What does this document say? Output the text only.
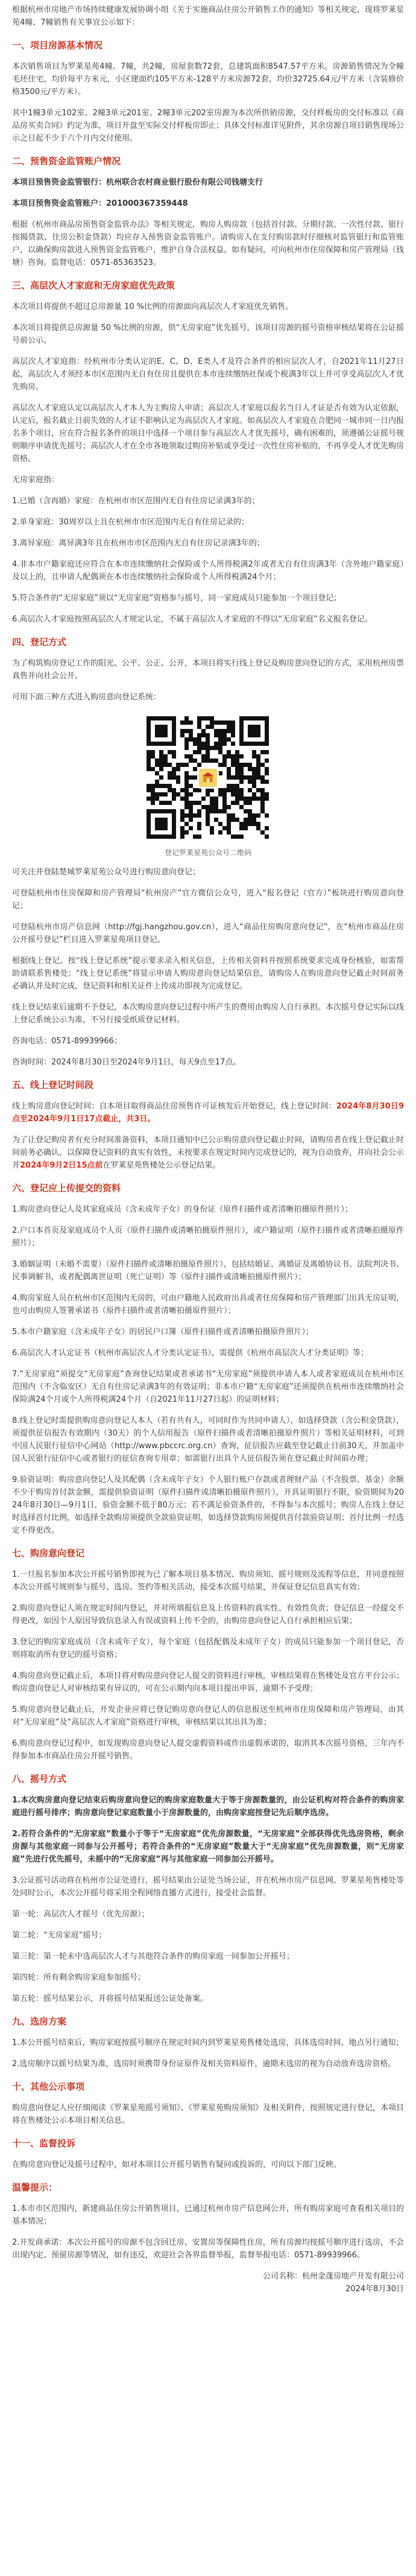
根据杭州市房地产市场持续健康发展协调小组《关于实施商品住房公开销售工作的通知》等相关规定，现将罗莱星苑4幢、7幢销售有关事宜公示如下：

一、项目房源基本情况

本次销售项目为罗莱星苑4幢、7幢，共2幢，房屋套数72套，总建筑面积8547.57平方米。房源销售情况为全幢毛坯住宅，均价每平方米元，小区建面约105平方米-128平方米房源72套，均价32725.64元/平方米（含装修价格3500元/平方米）。

其中1幢3单元102室、2幢3单元201室、2幢3单元202室房源为本次所供销房源，交付样板房的交付标准以《商品房买卖合同》约定为准，项目开盘至实际交付样板房即止；具体交付标准详见附件，其余房源自项目销售现场公示之日起不少于六个月内交付使用。

二、预售资金监管账户情况

本项目预售资金监管银行：杭州联合农村商业银行股份有限公司钱塘支行

本项目预售资金监管账户：201000367359448

根据《杭州市商品房预售资金监管办法》等相关规定，购房人购房款（包括首付款、分期付款、一次性付款、银行按揭贷款、住房公积金贷款）均应存入预售资金监管账户。请购房人在支付购房款时仔细核对监管银行和监管账户，以确保购房款进入预售资金监管账户，维护自身合法权益。如有疑问，可向杭州市住房保障和房产管理局（钱塘）咨询。监督电话：0571-85363523。

三、高层次人才家庭和无房家庭优先政策

本次项目将提供不超过总房源量 10 %比例的房源面向高层次人才家庭优先销售。

本次项目将提供总房源量 50 %比例的房源，供“无房家庭”优先摇号，该项目房源的摇号资格审核结果将在公证摇号前公示。

高层次人才家庭指：经杭州市分类认定的E、C、D、E类人才及符合条件的相应层次人才，自2021年11月27日起，高层次人才须经本市区范围内无自有住房且提供在本市连续缴纳社保或个税满3年以上并可享受高层次人才优先购房。

高层次人才家庭认定以高层次人才本人为主购房人申请；高层次人才家庭以报名当日人才证是否有效为认定依据，认定后，报名截止日前失效的人才证不影响认定为高层次人才家庭。如高层次人才家庭在合肥同一城市同一日内报名多个项目，应在符合报名条件的项目中选择一个项目参与高层次人才优先摇号，确有困难的，须遵循公证摇号规则顺序申请优先摇号；高层次人才在全市各地领取过购房补贴或享受过一次性住房补贴的，不再享受人才优先购房资格。

无房家庭指：

1.已婚（含再婚）家庭：在杭州市市区范围内无自有住房记录满3年的；

2.单身家庭：30周岁以上且在杭州市市区范围内无自有住房记录的；

3.离异家庭：离异满3年且在杭州市市区范围内无自有住房记录满3年的；

4.非本市户籍家庭还应符合在本市连续缴纳社会保险或个人所得税满2年或者无自有住房满3年（含外地户籍家庭）及以上的，且申请人配偶须在本市连续缴纳社会保险或个人所得税满24个月；

5.符合条件的“无房家庭”须以“无房家庭”资格参与摇号，同一家庭成员只能参加一个项目登记；

6.高层次人才家庭按照高层次人才规定认定，不属于高层次人才家庭的不得以“无房家庭”名义报名登记。

四、登记方式

为了构筑购房登记工作的阳光、公平、公正、公开，本项目将实行线上登记及购房意向登记的方式，采用杭州房票真售并向社会公开。

可用下面三种方式进入购房意向登记系统：

登记罗莱星苑公众号二维码

可关注并登陆楚城罗莱星苑公众号进行购房意向登记；

可登陆杭州市住房保障和房产管理局“杭州房产”官方微信公众号，进入“报名登记（官方）”板块进行购房意向登记；

可登陆杭州市房产信息网（http://fgj.hangzhou.gov.cn），进入“商品住房购房意向登记”，在“杭州市商品住房公开摇号登记”栏目进入罗莱星苑项目登记。

根据线上登记、按“线上登记系统”提示要求录入相关信息，上传相关资料并按照系统要求完成身份核验，如需帮助请联系售楼处；“线上登记系统”将显示申请人购房意向登记结果信息，请购房人在购房意向登记截止时间前务必确认并及时完成，登记资料和相关证件上传成功即视为完成登记。

线上登记结束后逾期不予登记，本次购房意向登记过程中所产生的费用由购房人自行承担。本次摇号登记实际以线上登记系统公示为准，不另行接受纸质登记材料。

咨询电话：0571-89939966；

咨询时间：2024年8月30日至2024年9月1日，每天9点至17点。

五、线上登记时间段

线上购房意向登记时间：自本项目取得商品住房预售许可证核发后开始登记，线上登记时间：2024年8月30日9点至2024年9月1日17点截止，共3日。

为了让登记购房者有充分时间准备资料，本项目通知中已公示购房意向登记截止时间，请购房者在线上登记截止时间前务必确认，以保障登记资料的真实有效性，未按要求在规定时间内完成登记的，视为自动放弃，并向社会公示并2024年9月2日15点前在罗莱星苑售楼处公示登记结果。

六、登记应上传提交的资料

1.购房意向登记人及其家庭成员（含未成年子女）的身份证（原件扫描件或者清晰拍摄原件照片）；

2.户口本首页及家庭成员个人页（原件扫描件或清晰拍摄原件照片），或户籍证明（原件扫描件或者清晰拍摄原件照片）；

3.婚姻证明（未婚不需要）（原件扫描件或清晰拍摄原件照片），包括结婚证、离婚证及离婚协议书、法院判决书、民事调解书，或者配偶离世证明（死亡证明）等（原件扫描件或清晰拍摄原件照片）；

4.购房家庭人员在杭州市区范围内无房的，可由户籍地人民政府出具或者住房保障和房产管理部门出具无房证明，也可由购房人签署承诺书（原件扫描件或者清晰拍摄原件照片）；

5.本市户籍家庭（含未成年子女）的居民户口簿（原件扫描件或者清晰拍摄原件照片）；

6.高层次人才认定证书（杭州市高层次人才分类认定证书），需提供《杭州市高层次人才分类证明》等；

7.“无房家庭”须提交“无房家庭”查询登记结果或者承诺书“无房家庭”须提供申请人本人或者家庭成员在杭州市区范围内（不含临安区）无自有住房记录满3年的有效证明；非本市户籍“无房家庭”还须提供在杭州市连续缴纳社会保险满24个月或个人所得税满24个月（自2021年11月27日起）的证明材料；

8.线上登记时需提供购房意向登记人本人（若有共有人，可同时作为共同申请人），如选择贷款（含公积金贷款），须提供征信报告有效期内（30天）的个人信用报告（原件扫描件或者清晰拍摄原件照片）等相关证明材料，可到中国人民银行征信中心网站（http://www.pbccrc.org.cn）查询，征信报告应截至登记截止日前30天，并加盖中国人民银行征信中心或者银行的征信查询专用章；如需银行出具个人征信报告须在登记截止时间前办理；

9.验资证明：购房意向登记人及其配偶（含未成年子女）个人银行账户存款或者理财产品（不含股票、基金）余额不少于购房首付款金额，需提供验资证明（原件扫描件或清晰拍摄原件照片），开具证明银行不限，验资期间为2024年8月30日—9月1日，验资金额不低于80万元；若不满足验资条件的，不得参与本次摇号；购房人在线上登记时选择首付比例，如选择全款购房须提供全款验资证明，如选择贷款购房须提供首付款验资证明；首付比例一经选定不得更改。

七、购房意向登记

1.一旦报名参加本次公开摇号销售即视为已了解本项目基本情况、购房须知、摇号规则及流程等信息，并同意按照本次公开摇号规则参与摇号、选房、签约等相关活动，接受本次摇号结果，并保证登记信息真实有效；

2.购房意向登记人须在规定时间内登记，并对所填报信息及上传资料的真实性、有效性负责；登记信息一经提交不得更改，如因个人原因导致信息录入有误或资料上传不全的，由购房意向登记人自行承担相应后果；

3.登记的购房家庭成员（含未成年子女），每个家庭（包括配偶及未成年子女）的成员只能参加一个项目登记，否则将取消所有登记的摇号资格；

4.购房意向登记截止后，本项目将对购房意向登记人提交的资料进行审核，审核结果将在售楼处及官方平台公示；购房意向登记人对审核结果有异议的，可在公示期内向本项目提出申诉，逾期不予受理；

5.购房意向登记截止后，开发企业应将已登记购房意向登记人的信息报送至杭州市住房保障和房产管理局，由其对“无房家庭”及“高层次人才家庭”资格进行审核，审核结果以其出具为准；

6.购房意向登记过程中，如发现购房意向登记人提交虚假资料或作出虚假承诺的，取消其本次摇号资格，三年内不得参加本市商品住房公开摇号销售。

八、摇号方式

1.本次购房意向登记结束后购房意向登记的购房家庭数量大于等于房源数量的，由公证机构对符合条件的购房家庭进行摇号排序；购房意向登记家庭数量小于房源数量的，由购房家庭按登记先后顺序选房。

2.若符合条件的“无房家庭”数量小于等于“无房家庭”优先房源数量，“无房家庭”全部获得优先选房资格，剩余房源与其他家庭一同参与公开摇号；若符合条件的“无房家庭”数量大于“无房家庭”优先房源数量，则“无房家庭”先进行优先摇号，未摇中的“无房家庭”再与其他家庭一同参加公开摇号。

3.公证摇号活动将在杭州市公证处进行，摇号结果由公证处当场公证，并在杭州市房产信息网、罗莱星苑售楼处等处同时公示，本次公开摇号将采用全程网络直播方式进行，接受社会监督。

第一轮：高层次人才摇号（优先房源）；

第二轮：“无房家庭”摇号；

第三轮：第一轮未中选高层次人才与其他符合条件的购房家庭一同参加公开摇号；

第四轮：所有剩余购房家庭参加摇号；

第五轮：摇号结果公示，并将摇号结果报送公证处备案。

九、选房方案

1.本公开摇号结束后，购房家庭按摇号顺序在规定时间内到罗莱星苑售楼处选房，具体选房时间、地点另行通知；

2.选房顺序以摇号结果为准，选房时须携带身份证原件及相关资料原件，逾期未选房的视为自动放弃选房资格。

十、其他公示事项

购房意向登记人应仔细阅读《罗莱星苑摇号须知》、《罗莱星苑购房须知》及相关附件，按照规定进行登记，本项目将在售楼处公示本项目相关信息。

十一、监督投诉

在购房意向登记及摇号过程中，如对本项目公开摇号销售有疑问或投诉的，可向以下部门反映。

温馨提示：

1.本市市区范围内，新建商品住房公开销售项目，已通过杭州市房产信息网公开，所有购房家庭可查看相关项目的基本情况；

2.开发商承诺：本次公开摇号的房源不包含回迁房、安置房等保障性住房，所有房源均按摇号顺序进行选房，不会出现内定、预留房源等情况，如有违反，欢迎社会各界监督举报，监督举报电话：0571-89939966。

公司名称：杭州金蓬房地产开发有限公司
2024年8月30日
